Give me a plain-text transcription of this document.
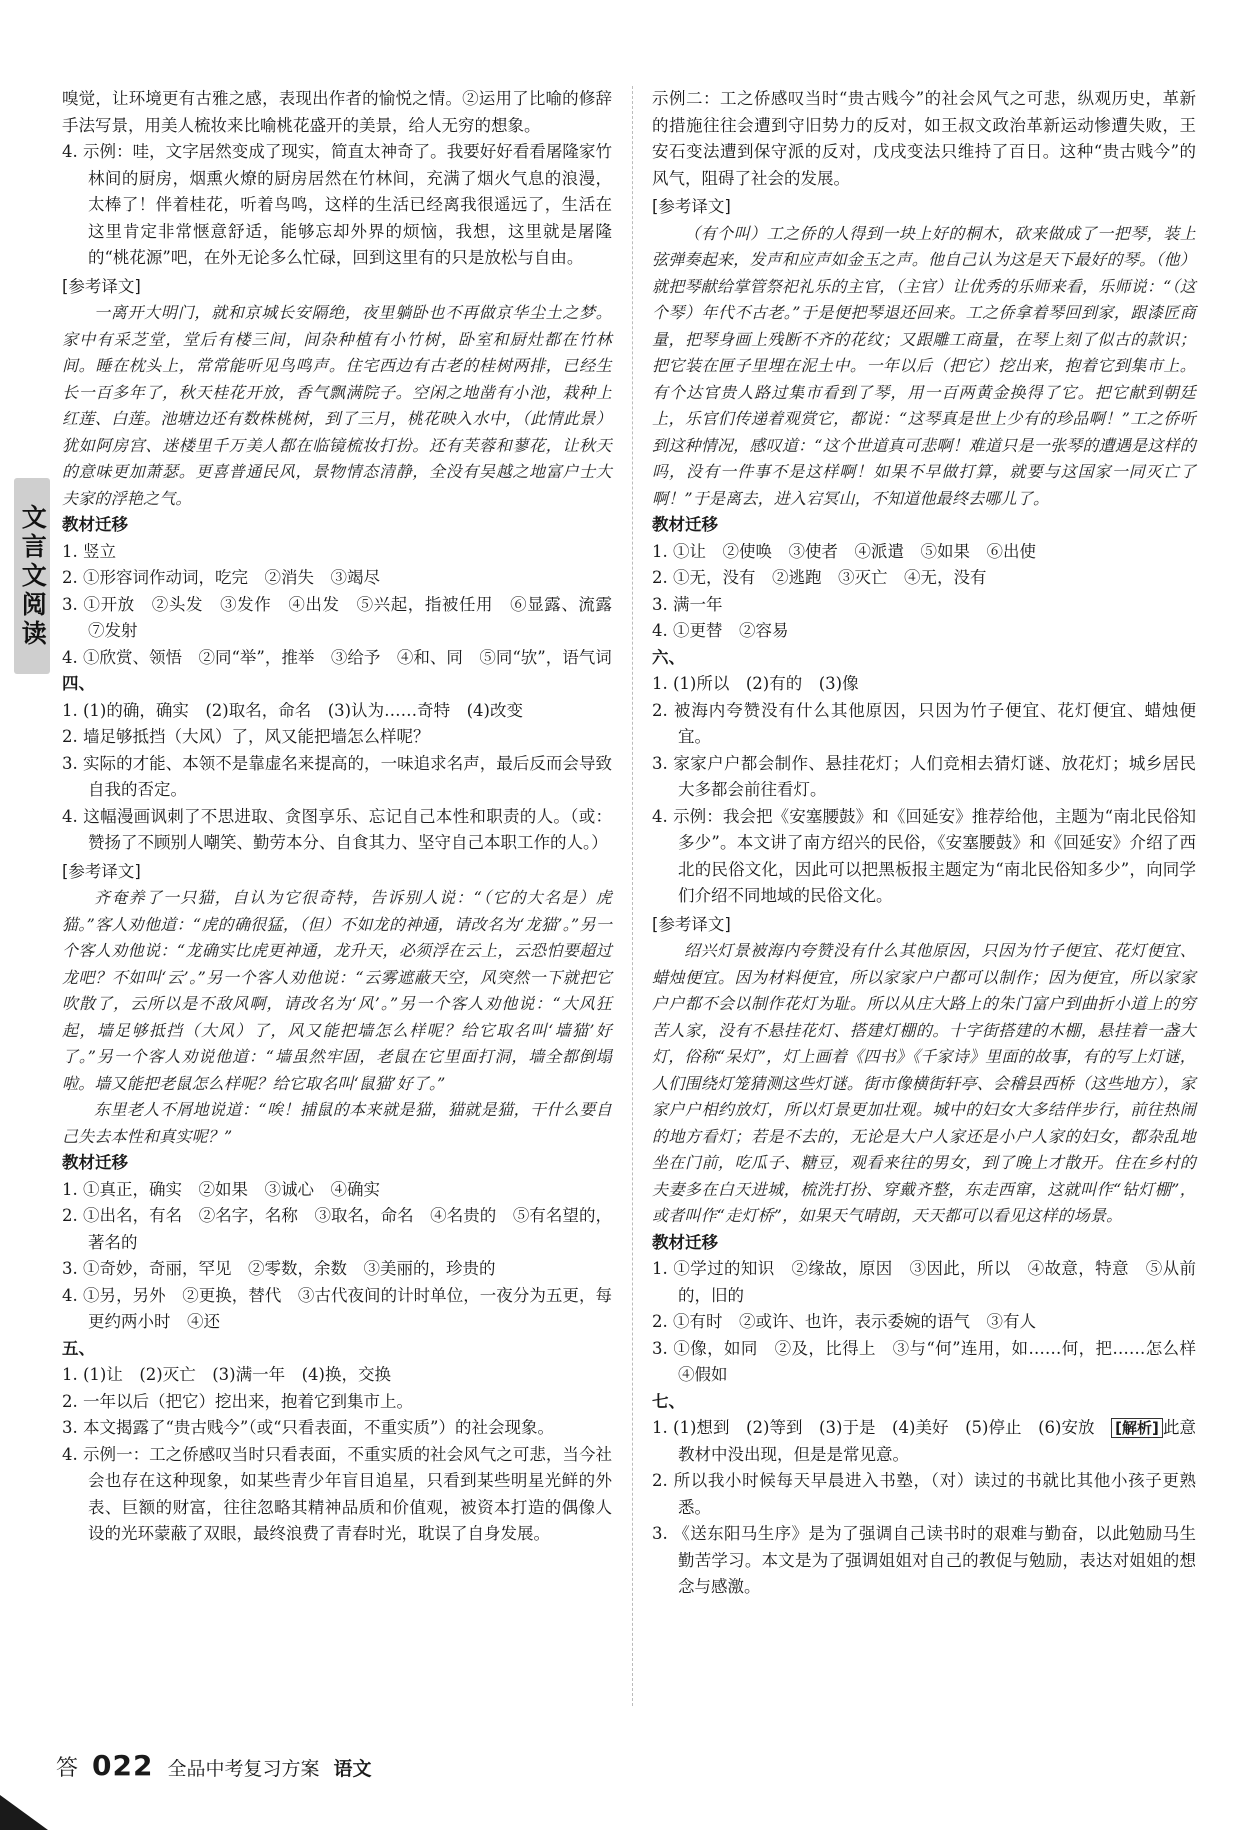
文言文阅读

嗅觉，让环境更有古雅之感，表现出作者的愉悦之情。②运用了比喻的修辞手法写景，用美人梳妆来比喻桃花盛开的美景，给人无穷的想象。

4. 示例：哇，文字居然变成了现实，简直太神奇了。我要好好看看屠隆家竹林间的厨房，烟熏火燎的厨房居然在竹林间，充满了烟火气息的浪漫，太棒了！伴着桂花，听着鸟鸣，这样的生活已经离我很遥远了，生活在这里肯定非常惬意舒适，能够忘却外界的烦恼，我想，这里就是屠隆的“桃花源”吧，在外无论多么忙碌，回到这里有的只是放松与自由。

[参考译文]

一离开大明门，就和京城长安隔绝，夜里躺卧也不再做京华尘土之梦。家中有采芝堂，堂后有楼三间，间杂种植有小竹树，卧室和厨灶都在竹林间。睡在枕头上，常常能听见鸟鸣声。住宅西边有古老的桂树两排，已经生长一百多年了，秋天桂花开放，香气飘满院子。空闲之地凿有小池，栽种上红莲、白莲。池塘边还有数株桃树，到了三月，桃花映入水中，（此情此景）犹如阿房宫、迷楼里千万美人都在临镜梳妆打扮。还有芙蓉和蓼花，让秋天的意味更加萧瑟。更喜普通民风，景物情态清静，全没有吴越之地富户士大夫家的浮艳之气。

教材迁移

1. 竖立

2. ①形容词作动词，吃完　②消失　③竭尽

3. ①开放　②头发　③发作　④出发　⑤兴起，指被任用　⑥显露、流露　⑦发射

4. ①欣赏、领悟　②同“举”，推举　③给予　④和、同　⑤同“欤”，语气词

四、

1. (1)的确，确实　(2)取名，命名　(3)认为……奇特　(4)改变

2. 墙足够抵挡（大风）了，风又能把墙怎么样呢？

3. 实际的才能、本领不是靠虚名来提高的，一味追求名声，最后反而会导致自我的否定。

4. 这幅漫画讽刺了不思进取、贪图享乐、忘记自己本性和职责的人。（或：赞扬了不顾别人嘲笑、勤劳本分、自食其力、坚守自己本职工作的人。）

[参考译文]

齐奄养了一只猫，自认为它很奇特，告诉别人说：“（它的大名是）虎猫。”客人劝他道：“虎的确很猛，（但）不如龙的神通，请改名为‘龙猫’。”另一个客人劝他说：“龙确实比虎更神通，龙升天，必须浮在云上，云恐怕要超过龙吧？不如叫‘云’。”另一个客人劝他说：“云雾遮蔽天空，风突然一下就把它吹散了，云所以是不敌风啊，请改名为‘风’。”另一个客人劝他说：“大风狂起，墙足够抵挡（大风）了，风又能把墙怎么样呢？给它取名叫‘墙猫’好了。”另一个客人劝说他道：“墙虽然牢固，老鼠在它里面打洞，墙全都倒塌啦。墙又能把老鼠怎么样呢？给它取名叫‘鼠猫’好了。”

东里老人不屑地说道：“唉！捕鼠的本来就是猫，猫就是猫，干什么要自己失去本性和真实呢？”

教材迁移

1. ①真正，确实　②如果　③诚心　④确实

2. ①出名，有名　②名字，名称　③取名，命名　④名贵的　⑤有名望的，著名的

3. ①奇妙，奇丽，罕见　②零数，余数　③美丽的，珍贵的

4. ①另，另外　②更换，替代　③古代夜间的计时单位，一夜分为五更，每更约两小时　④还

五、

1. (1)让　(2)灭亡　(3)满一年　(4)换，交换

2. 一年以后（把它）挖出来，抱着它到集市上。

3. 本文揭露了“贵古贱今”（或“只看表面，不重实质”）的社会现象。

4. 示例一：工之侨感叹当时只看表面，不重实质的社会风气之可悲，当今社会也存在这种现象，如某些青少年盲目追星，只看到某些明星光鲜的外表、巨额的财富，往往忽略其精神品质和价值观，被资本打造的偶像人设的光环蒙蔽了双眼，最终浪费了青春时光，耽误了自身发展。

示例二：工之侨感叹当时“贵古贱今”的社会风气之可悲，纵观历史，革新的措施往往会遭到守旧势力的反对，如王叔文政治革新运动惨遭失败，王安石变法遭到保守派的反对，戊戌变法只维持了百日。这种“贵古贱今”的风气，阻碍了社会的发展。

[参考译文]

（有个叫）工之侨的人得到一块上好的桐木，砍来做成了一把琴，装上弦弹奏起来，发声和应声如金玉之声。他自己认为这是天下最好的琴。（他）就把琴献给掌管祭祀礼乐的主官，（主官）让优秀的乐师来看，乐师说：“（这个琴）年代不古老。”于是便把琴退还回来。工之侨拿着琴回到家，跟漆匠商量，把琴身画上残断不齐的花纹；又跟雕工商量，在琴上刻了似古的款识；把它装在匣子里埋在泥土中。一年以后（把它）挖出来，抱着它到集市上。有个达官贵人路过集市看到了琴，用一百两黄金换得了它。把它献到朝廷上，乐官们传递着观赏它，都说：“这琴真是世上少有的珍品啊！”工之侨听到这种情况，感叹道：“这个世道真可悲啊！难道只是一张琴的遭遇是这样的吗，没有一件事不是这样啊！如果不早做打算，就要与这国家一同灭亡了啊！”于是离去，进入宕冥山，不知道他最终去哪儿了。

教材迁移

1. ①让　②使唤　③使者　④派遣　⑤如果　⑥出使

2. ①无，没有　②逃跑　③灭亡　④无，没有

3. 满一年

4. ①更替　②容易

六、

1. (1)所以　(2)有的　(3)像

2. 被海内夸赞没有什么其他原因，只因为竹子便宜、花灯便宜、蜡烛便宜。

3. 家家户户都会制作、悬挂花灯；人们竞相去猜灯谜、放花灯；城乡居民大多都会前往看灯。

4. 示例：我会把《安塞腰鼓》和《回延安》推荐给他，主题为“南北民俗知多少”。本文讲了南方绍兴的民俗，《安塞腰鼓》和《回延安》介绍了西北的民俗文化，因此可以把黑板报主题定为“南北民俗知多少”，向同学们介绍不同地域的民俗文化。

[参考译文]

绍兴灯景被海内夸赞没有什么其他原因，只因为竹子便宜、花灯便宜、蜡烛便宜。因为材料便宜，所以家家户户都可以制作；因为便宜，所以家家户户都不会以制作花灯为耻。所以从庄大路上的朱门富户到曲折小道上的穷苦人家，没有不悬挂花灯、搭建灯棚的。十字街搭建的木棚，悬挂着一盏大灯，俗称“呆灯”，灯上画着《四书》《千家诗》里面的故事，有的写上灯谜，人们围绕灯笼猜测这些灯谜。街市像横街轩亭、会稽县西桥（这些地方），家家户户相约放灯，所以灯景更加壮观。城中的妇女大多结伴步行，前往热闹的地方看灯；若是不去的，无论是大户人家还是小户人家的妇女，都杂乱地坐在门前，吃瓜子、糖豆，观看来往的男女，到了晚上才散开。住在乡村的夫妻多在白天进城，梳洗打扮、穿戴齐整，东走西窜，这就叫作“钻灯棚”，或者叫作“走灯桥”，如果天气晴朗，天天都可以看见这样的场景。

教材迁移

1. ①学过的知识　②缘故，原因　③因此，所以　④故意，特意　⑤从前的，旧的

2. ①有时　②或许、也许，表示委婉的语气　③有人

3. ①像，如同　②及，比得上　③与“何”连用，如……何，把……怎么样　④假如

七、

1. (1)想到　(2)等到　(3)于是　(4)美好　(5)停止　(6)安放　[解析] 此意教材中没出现，但是是常见意。

2. 所以我小时候每天早晨进入书塾，（对）读过的书就比其他小孩子更熟悉。

3. 《送东阳马生序》是为了强调自己读书时的艰难与勤奋，以此勉励马生勤苦学习。本文是为了强调姐姐对自己的教促与勉励，表达对姐姐的想念与感激。

答 022 全品中考复习方案 语文
